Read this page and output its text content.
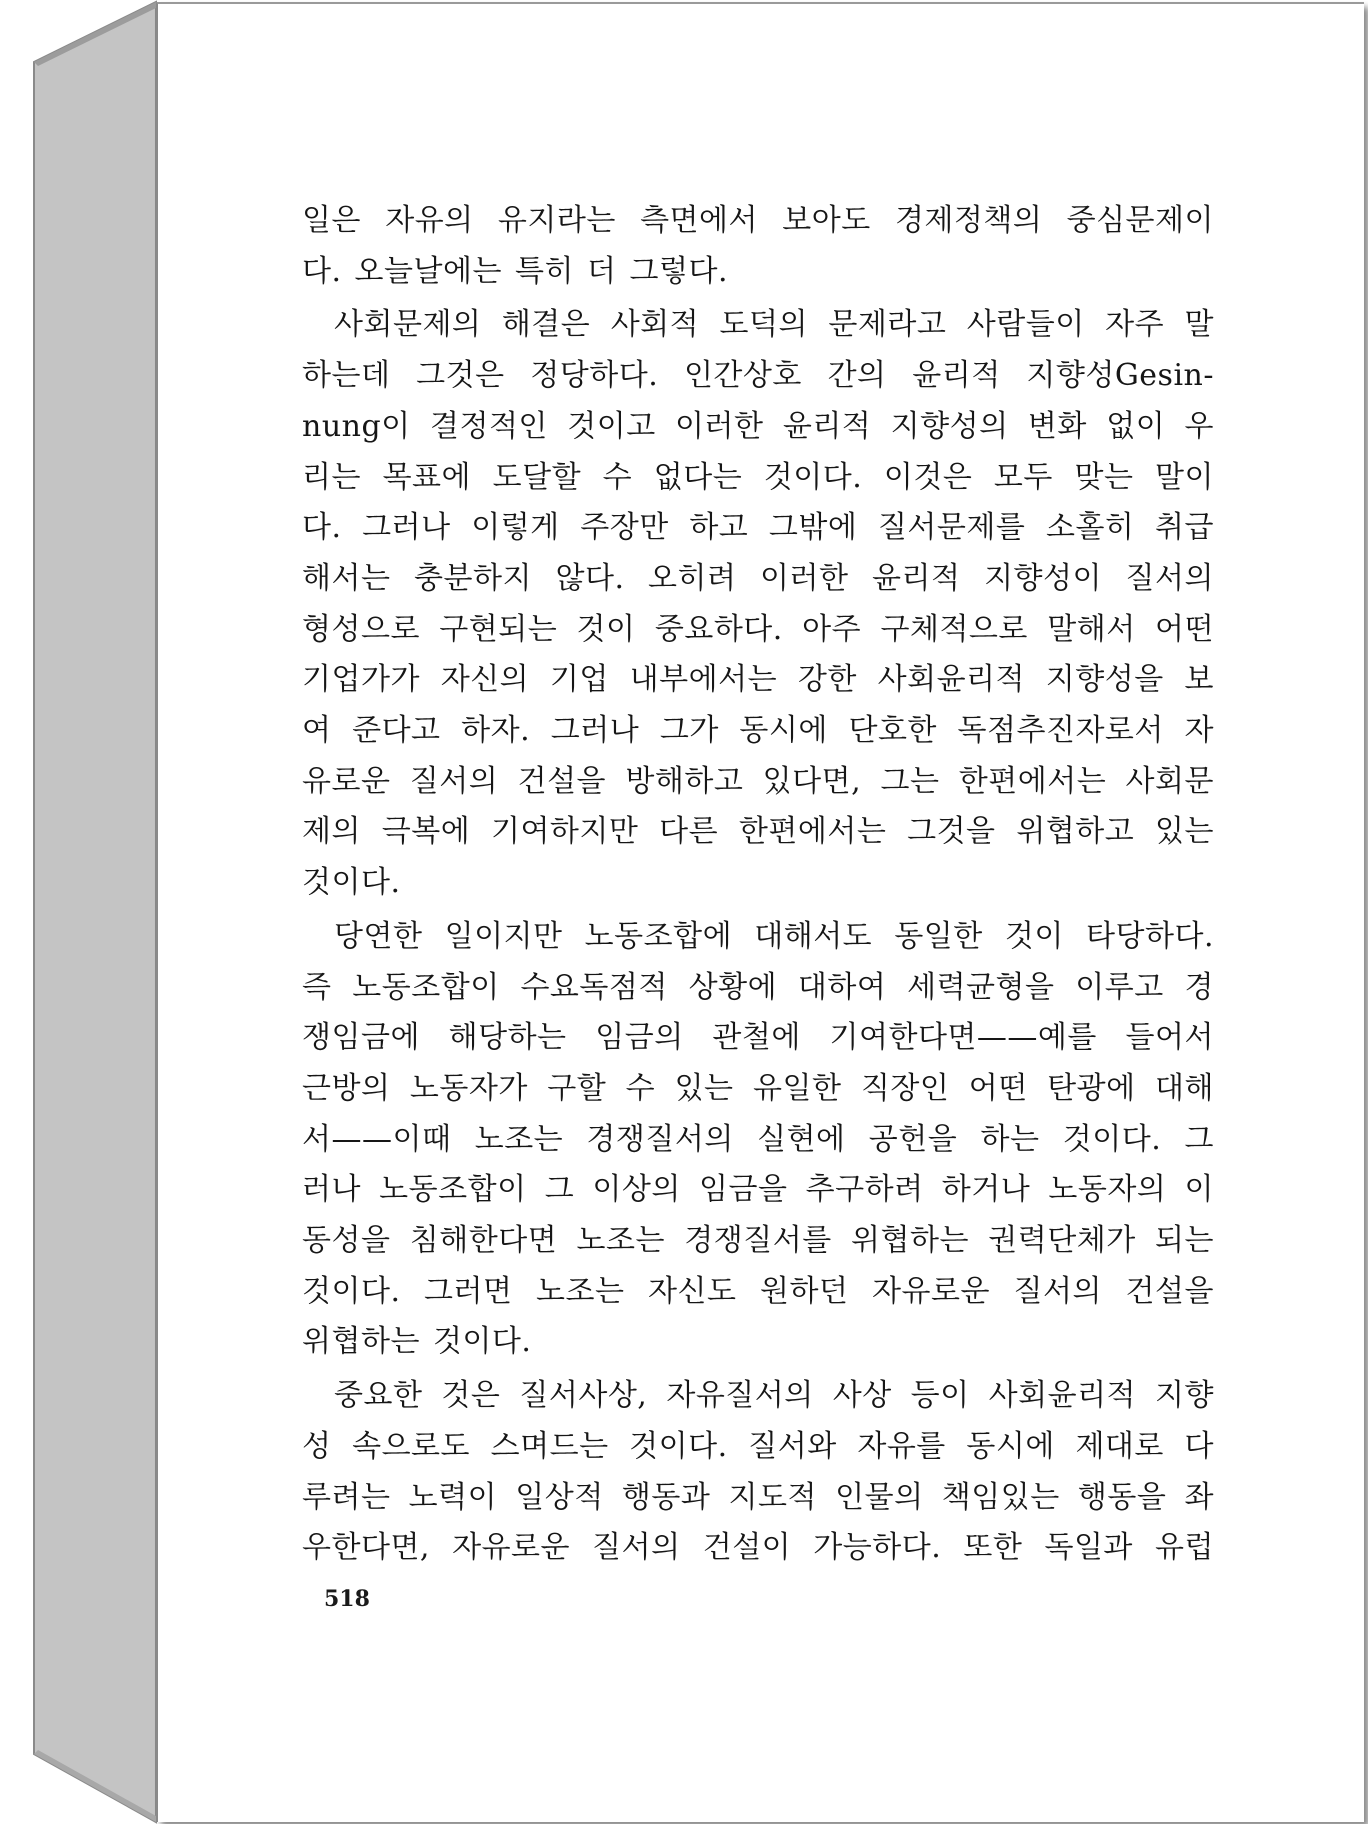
일은 자유의 유지라는 측면에서 보아도 경제정책의 중심문제이
다. 오늘날에는 특히 더 그렇다.
사회문제의 해결은 사회적 도덕의 문제라고 사람들이 자주 말
하는데 그것은 정당하다. 인간상호 간의 윤리적 지향성Gesin-
nung이 결정적인 것이고 이러한 윤리적 지향성의 변화 없이 우
리는 목표에 도달할 수 없다는 것이다. 이것은 모두 맞는 말이
다. 그러나 이렇게 주장만 하고 그밖에 질서문제를 소홀히 취급
해서는 충분하지 않다. 오히려 이러한 윤리적 지향성이 질서의
형성으로 구현되는 것이 중요하다. 아주 구체적으로 말해서 어떤
기업가가 자신의 기업 내부에서는 강한 사회윤리적 지향성을 보
여 준다고 하자. 그러나 그가 동시에 단호한 독점추진자로서 자
유로운 질서의 건설을 방해하고 있다면, 그는 한편에서는 사회문
제의 극복에 기여하지만 다른 한편에서는 그것을 위협하고 있는
것이다.
당연한 일이지만 노동조합에 대해서도 동일한 것이 타당하다.
즉 노동조합이 수요독점적 상황에 대하여 세력균형을 이루고 경
쟁임금에 해당하는 임금의 관철에 기여한다면——예를 들어서
근방의 노동자가 구할 수 있는 유일한 직장인 어떤 탄광에 대해
서——이때 노조는 경쟁질서의 실현에 공헌을 하는 것이다. 그
러나 노동조합이 그 이상의 임금을 추구하려 하거나 노동자의 이
동성을 침해한다면 노조는 경쟁질서를 위협하는 권력단체가 되는
것이다. 그러면 노조는 자신도 원하던 자유로운 질서의 건설을
위협하는 것이다.
중요한 것은 질서사상, 자유질서의 사상 등이 사회윤리적 지향
성 속으로도 스며드는 것이다. 질서와 자유를 동시에 제대로 다
루려는 노력이 일상적 행동과 지도적 인물의 책임있는 행동을 좌
우한다면, 자유로운 질서의 건설이 가능하다. 또한 독일과 유럽
518
